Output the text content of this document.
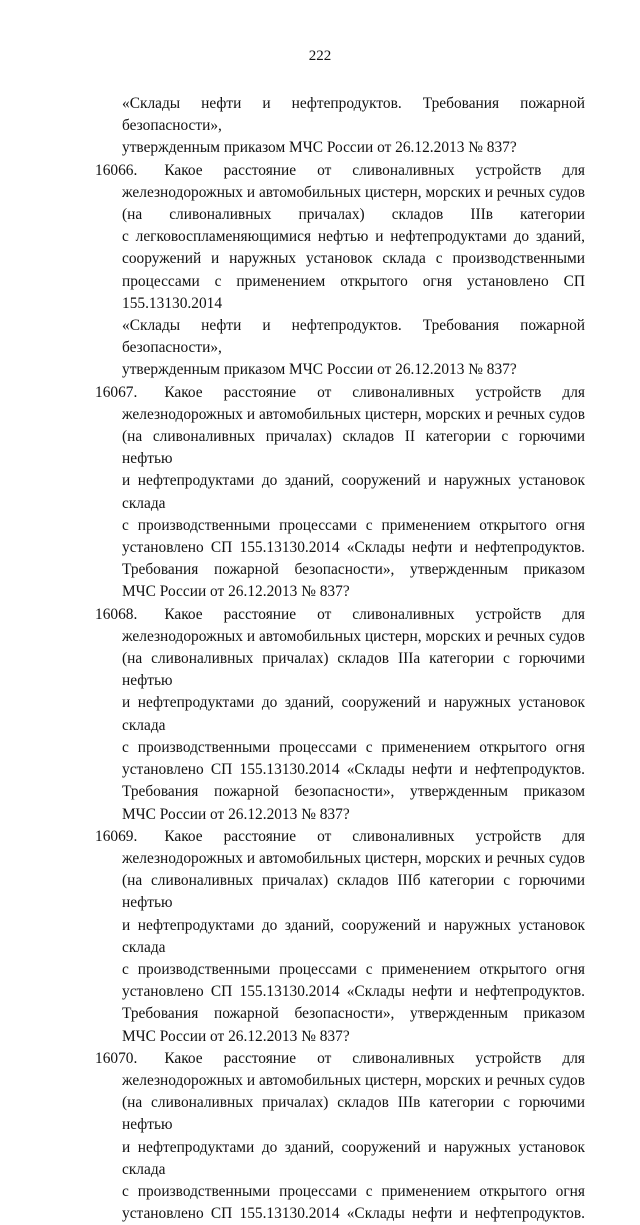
222
«Склады нефти и нефтепродуктов. Требования пожарной безопасности»,
утвержденным приказом МЧС России от 26.12.2013 № 837?
16066. Какое расстояние от сливоналивных устройств для
железнодорожных и автомобильных цистерн, морских и речных судов
(на сливоналивных причалах) складов IIIв категории
с легковоспламеняющимися нефтью и нефтепродуктами до зданий,
сооружений и наружных установок склада с производственными
процессами с применением открытого огня установлено СП 155.13130.2014
«Склады нефти и нефтепродуктов. Требования пожарной безопасности»,
утвержденным приказом МЧС России от 26.12.2013 № 837?
16067. Какое расстояние от сливоналивных устройств для
железнодорожных и автомобильных цистерн, морских и речных судов
(на сливоналивных причалах) складов II категории с горючими нефтью
и нефтепродуктами до зданий, сооружений и наружных установок склада
с производственными процессами с применением открытого огня
установлено СП 155.13130.2014 «Склады нефти и нефтепродуктов.
Требования пожарной безопасности», утвержденным приказом
МЧС России от 26.12.2013 № 837?
16068. Какое расстояние от сливоналивных устройств для
железнодорожных и автомобильных цистерн, морских и речных судов
(на сливоналивных причалах) складов IIIа категории с горючими нефтью
и нефтепродуктами до зданий, сооружений и наружных установок склада
с производственными процессами с применением открытого огня
установлено СП 155.13130.2014 «Склады нефти и нефтепродуктов.
Требования пожарной безопасности», утвержденным приказом
МЧС России от 26.12.2013 № 837?
16069. Какое расстояние от сливоналивных устройств для
железнодорожных и автомобильных цистерн, морских и речных судов
(на сливоналивных причалах) складов IIIб категории с горючими нефтью
и нефтепродуктами до зданий, сооружений и наружных установок склада
с производственными процессами с применением открытого огня
установлено СП 155.13130.2014 «Склады нефти и нефтепродуктов.
Требования пожарной безопасности», утвержденным приказом
МЧС России от 26.12.2013 № 837?
16070. Какое расстояние от сливоналивных устройств для
железнодорожных и автомобильных цистерн, морских и речных судов
(на сливоналивных причалах) складов IIIв категории с горючими нефтью
и нефтепродуктами до зданий, сооружений и наружных установок склада
с производственными процессами с применением открытого огня
установлено СП 155.13130.2014 «Склады нефти и нефтепродуктов.
